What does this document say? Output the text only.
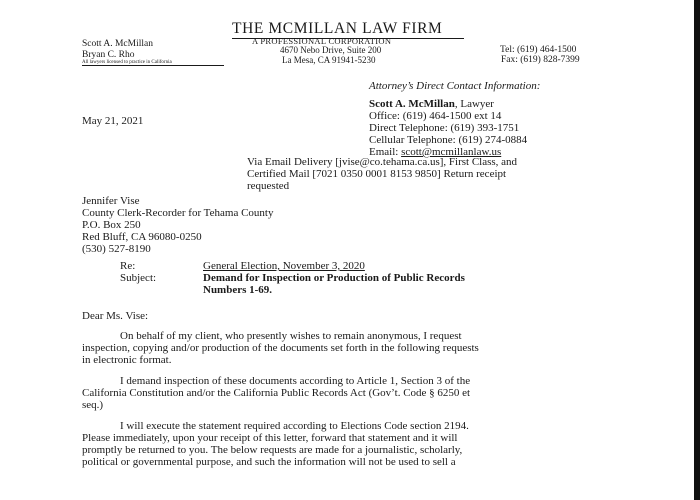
THE MCMILLAN LAW FIRM
A PROFESSIONAL CORPORATION
4670 Nebo Drive, Suite 200
La Mesa, CA 91941-5230
Scott A. McMillan
Bryan C. Rho
All lawyers licensed to practice in California
Tel: (619) 464-1500
Fax: (619) 828-7399
Attorney’s Direct Contact Information:
Scott A. McMillan, Lawyer
Office: (619) 464-1500 ext 14
Direct Telephone: (619) 393-1751
Cellular Telephone: (619) 274-0884
Email: scott@mcmillanlaw.us
May 21, 2021
Via Email Delivery [jvise@co.tehama.ca.us], First Class, and
Certified Mail [7021 0350 0001 8153 9850] Return receipt
requested
Jennifer Vise
County Clerk-Recorder for Tehama County
P.O. Box 250
Red Bluff, CA 96080-0250
(530) 527-8190
Re:	General Election, November 3, 2020
Subject:	Demand for Inspection or Production of Public Records
Numbers 1-69.
Dear Ms. Vise:
On behalf of my client, who presently wishes to remain anonymous, I request
inspection, copying and/or production of the documents set forth in the following requests
in electronic format.
I demand inspection of these documents according to Article 1, Section 3 of the
California Constitution and/or the California Public Records Act (Gov’t. Code § 6250 et
seq.)
I will execute the statement required according to Elections Code section 2194.
Please immediately, upon your receipt of this letter, forward that statement and it will
promptly be returned to you. The below requests are made for a journalistic, scholarly,
political or governmental purpose, and such the information will not be used to sell a
